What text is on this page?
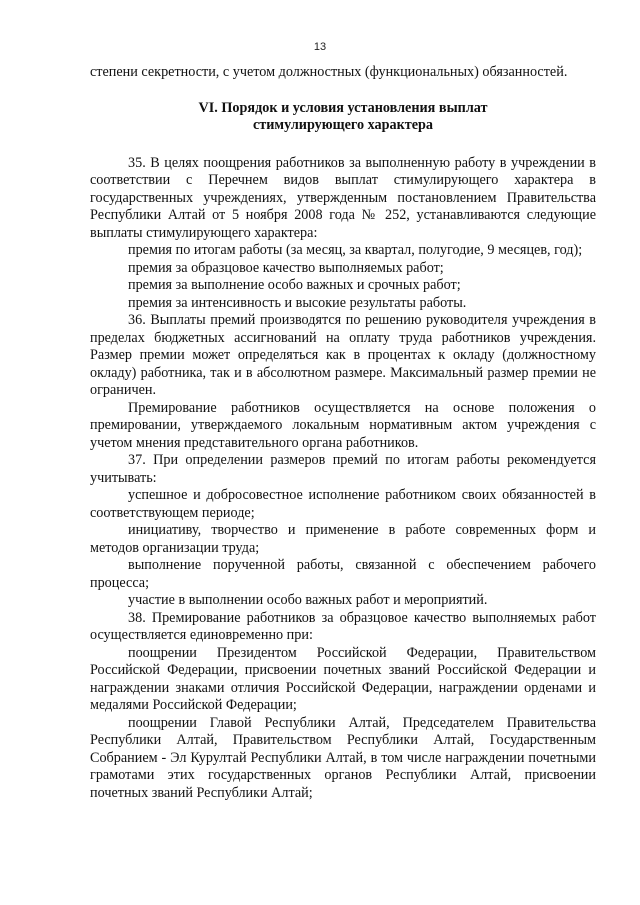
13

степени секретности, с учетом должностных (функциональных) обязанностей.

VI. Порядок и условия установления выплат
стимулирующего характера

35. В целях поощрения работников за выполненную работу в учреждении в соответствии с Перечнем видов выплат стимулирующего характера в государственных учреждениях, утвержденным постановлением Правительства Республики Алтай от 5 ноября 2008 года № 252, устанавливаются следующие выплаты стимулирующего характера:

премия по итогам работы (за месяц, за квартал, полугодие, 9 месяцев, год);

премия за образцовое качество выполняемых работ;

премия за выполнение особо важных и срочных работ;

премия за интенсивность и высокие результаты работы.

36. Выплаты премий производятся по решению руководителя учреждения в пределах бюджетных ассигнований на оплату труда работников учреждения. Размер премии может определяться как в процентах к окладу (должностному окладу) работника, так и в абсолютном размере. Максимальный размер премии не ограничен.

Премирование работников осуществляется на основе положения о премировании, утверждаемого локальным нормативным актом учреждения с учетом мнения представительного органа работников.

37. При определении размеров премий по итогам работы рекомендуется учитывать:

успешное и добросовестное исполнение работником своих обязанностей в соответствующем периоде;

инициативу, творчество и применение в работе современных форм и методов организации труда;

выполнение порученной работы, связанной с обеспечением рабочего процесса;

участие в выполнении особо важных работ и мероприятий.

38. Премирование работников за образцовое качество выполняемых работ осуществляется единовременно при:

поощрении Президентом Российской Федерации, Правительством Российской Федерации, присвоении почетных званий Российской Федерации и награждении знаками отличия Российской Федерации, награждении орденами и медалями Российской Федерации;

поощрении Главой Республики Алтай, Председателем Правительства Республики Алтай, Правительством Республики Алтай, Государственным Собранием - Эл Курултай Республики Алтай, в том числе награждении почетными грамотами этих государственных органов Республики Алтай, присвоении почетных званий Республики Алтай;
